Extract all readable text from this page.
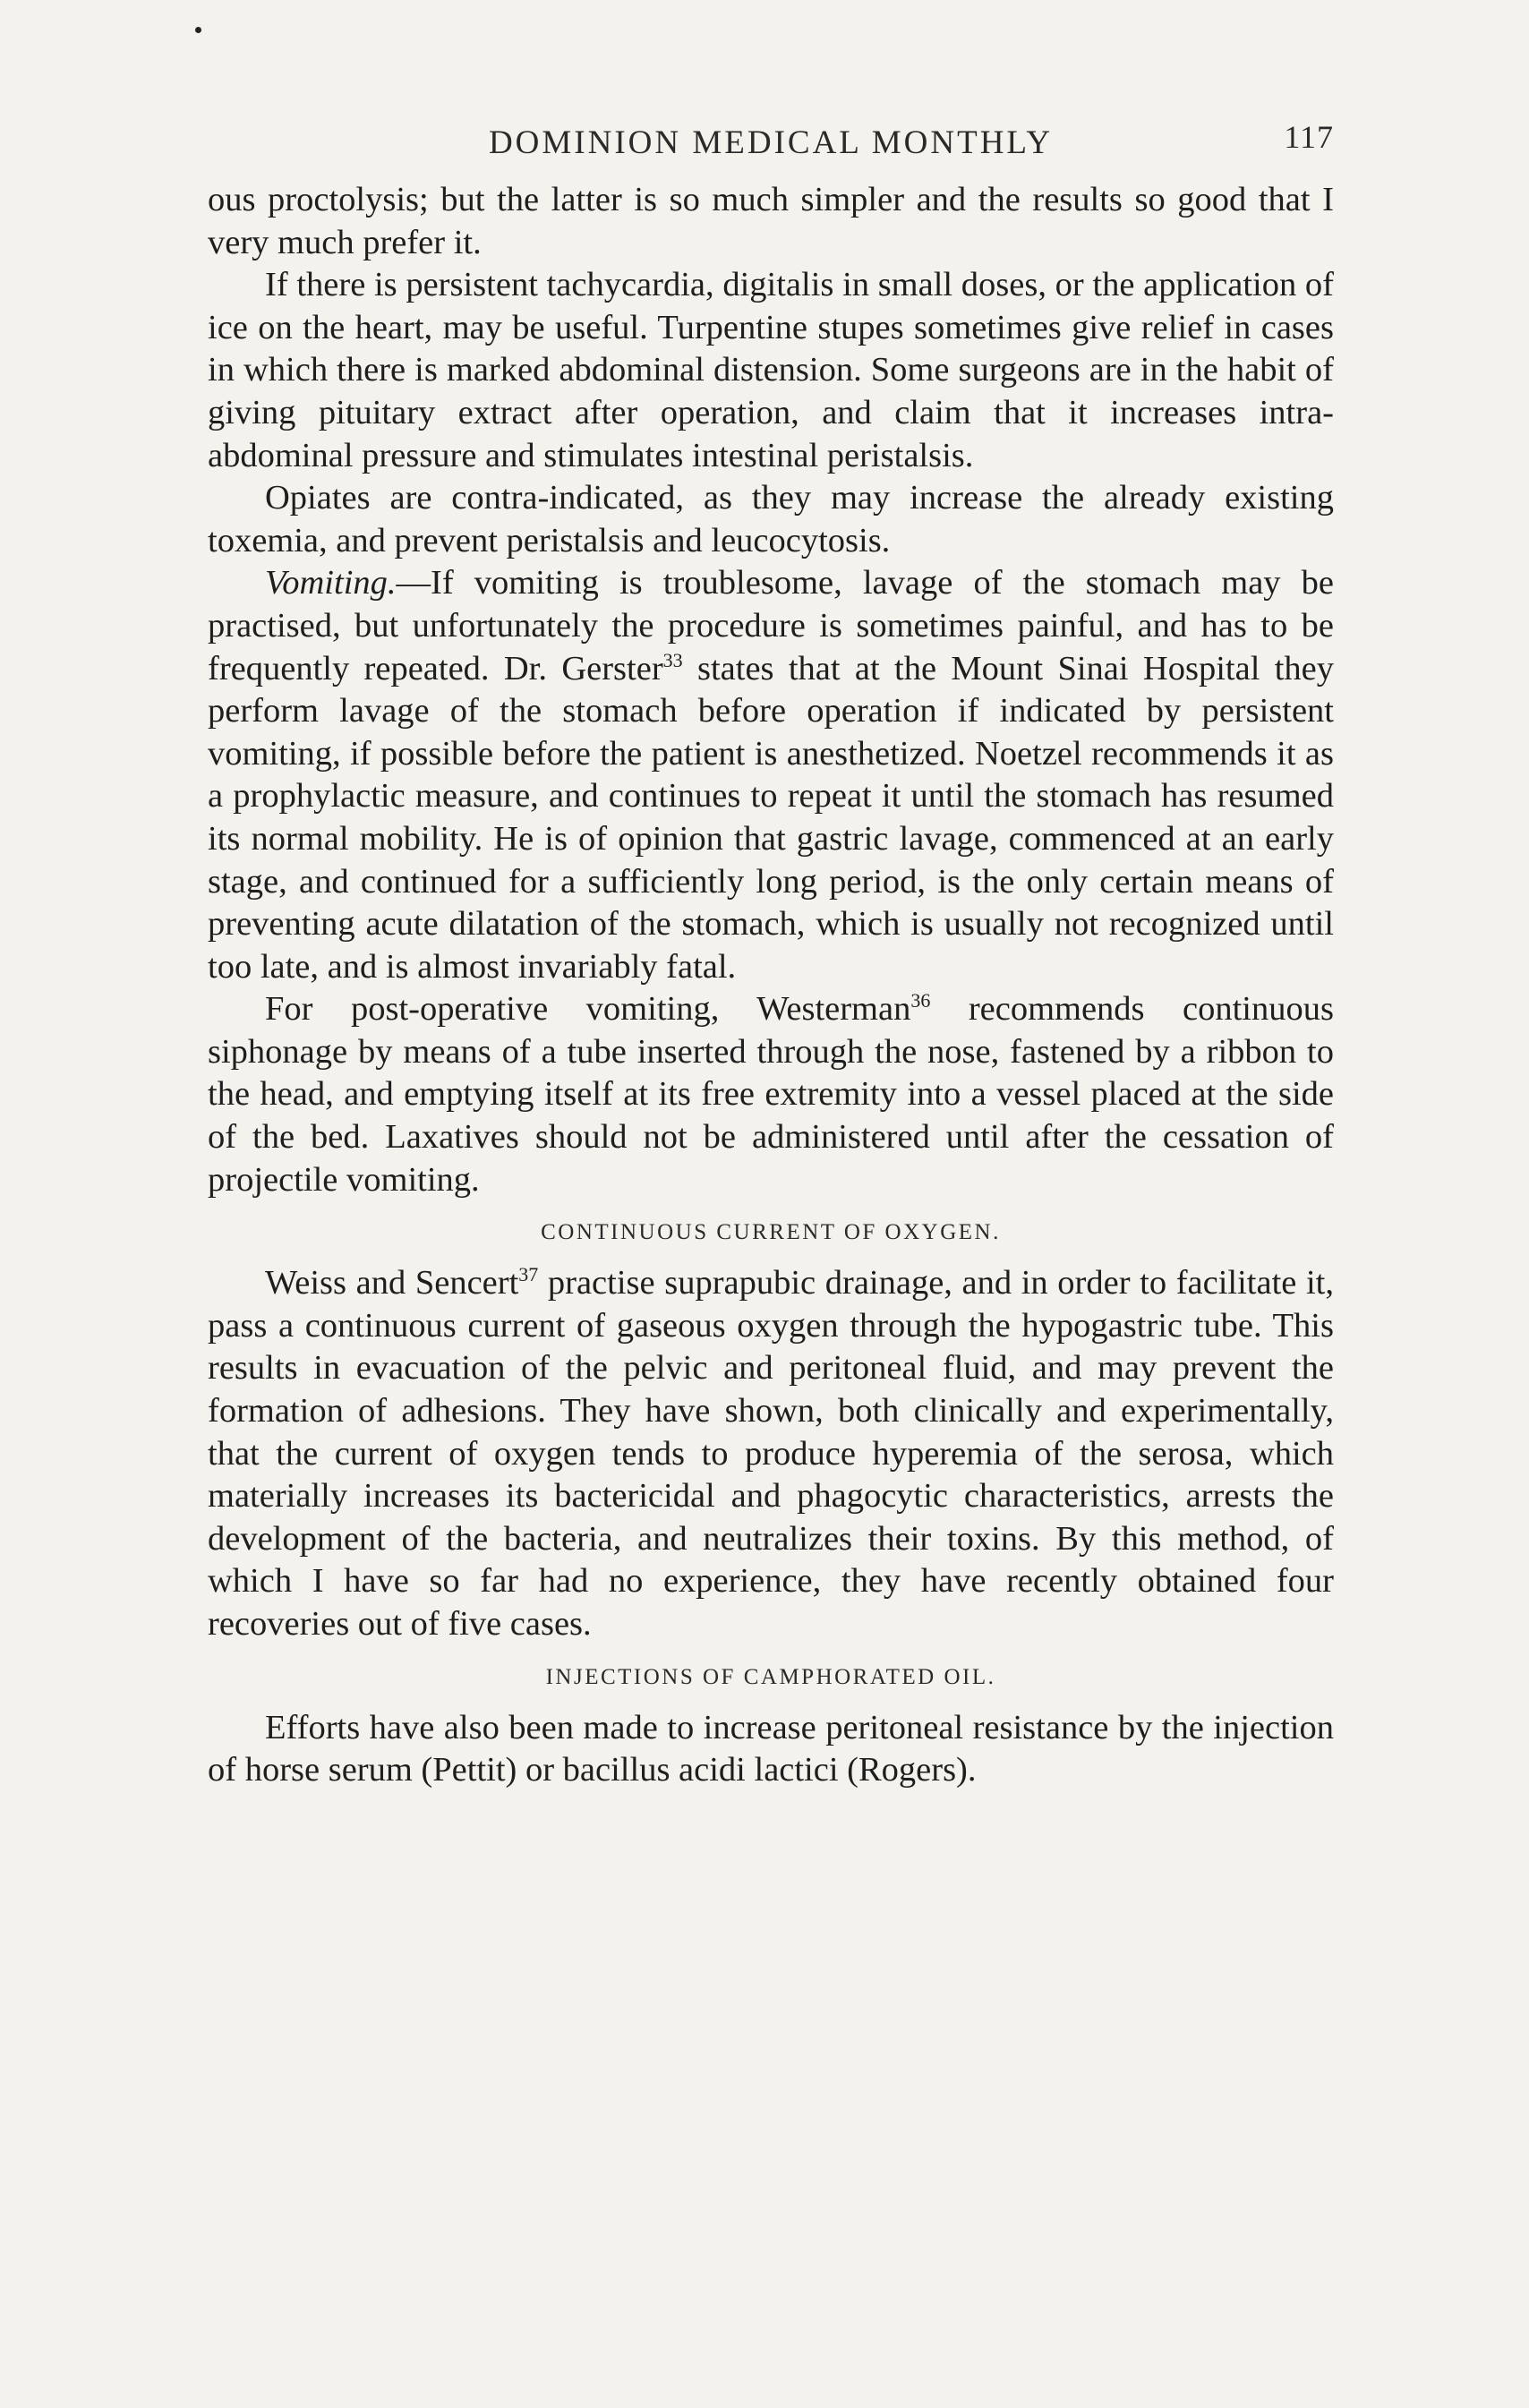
DOMINION MEDICAL MONTHLY	117

ous proctolysis; but the latter is so much simpler and the results so good that I very much prefer it.

If there is persistent tachycardia, digitalis in small doses, or the application of ice on the heart, may be useful. Turpentine stupes sometimes give relief in cases in which there is marked abdominal distension. Some surgeons are in the habit of giving pituitary extract after operation, and claim that it increases intra-abdominal pressure and stimulates intestinal peristalsis.

Opiates are contra-indicated, as they may increase the already existing toxemia, and prevent peristalsis and leucocytosis.

Vomiting.—If vomiting is troublesome, lavage of the stomach may be practised, but unfortunately the procedure is sometimes painful, and has to be frequently repeated. Dr. Gerster$^{33}$ states that at the Mount Sinai Hospital they perform lavage of the stomach before operation if indicated by persistent vomiting, if possible before the patient is anesthetized. Noetzel recommends it as a prophylactic measure, and continues to repeat it until the stomach has resumed its normal mobility. He is of opinion that gastric lavage, commenced at an early stage, and continued for a sufficiently long period, is the only certain means of preventing acute dilatation of the stomach, which is usually not recognized until too late, and is almost invariably fatal.

For post-operative vomiting, Westerman$^{36}$ recommends continuous siphonage by means of a tube inserted through the nose, fastened by a ribbon to the head, and emptying itself at its free extremity into a vessel placed at the side of the bed. Laxatives should not be administered until after the cessation of projectile vomiting.

CONTINUOUS CURRENT OF OXYGEN.

Weiss and Sencert$^{37}$ practise suprapubic drainage, and in order to facilitate it, pass a continuous current of gaseous oxygen through the hypogastric tube. This results in evacuation of the pelvic and peritoneal fluid, and may prevent the formation of adhesions. They have shown, both clinically and experimentally, that the current of oxygen tends to produce hyperemia of the serosa, which materially increases its bactericidal and phagocytic characteristics, arrests the development of the bacteria, and neutralizes their toxins. By this method, of which I have so far had no experience, they have recently obtained four recoveries out of five cases.

INJECTIONS OF CAMPHORATED OIL.

Efforts have also been made to increase peritoneal resistance by the injection of horse serum (Pettit) or bacillus acidi lactici (Rogers).
